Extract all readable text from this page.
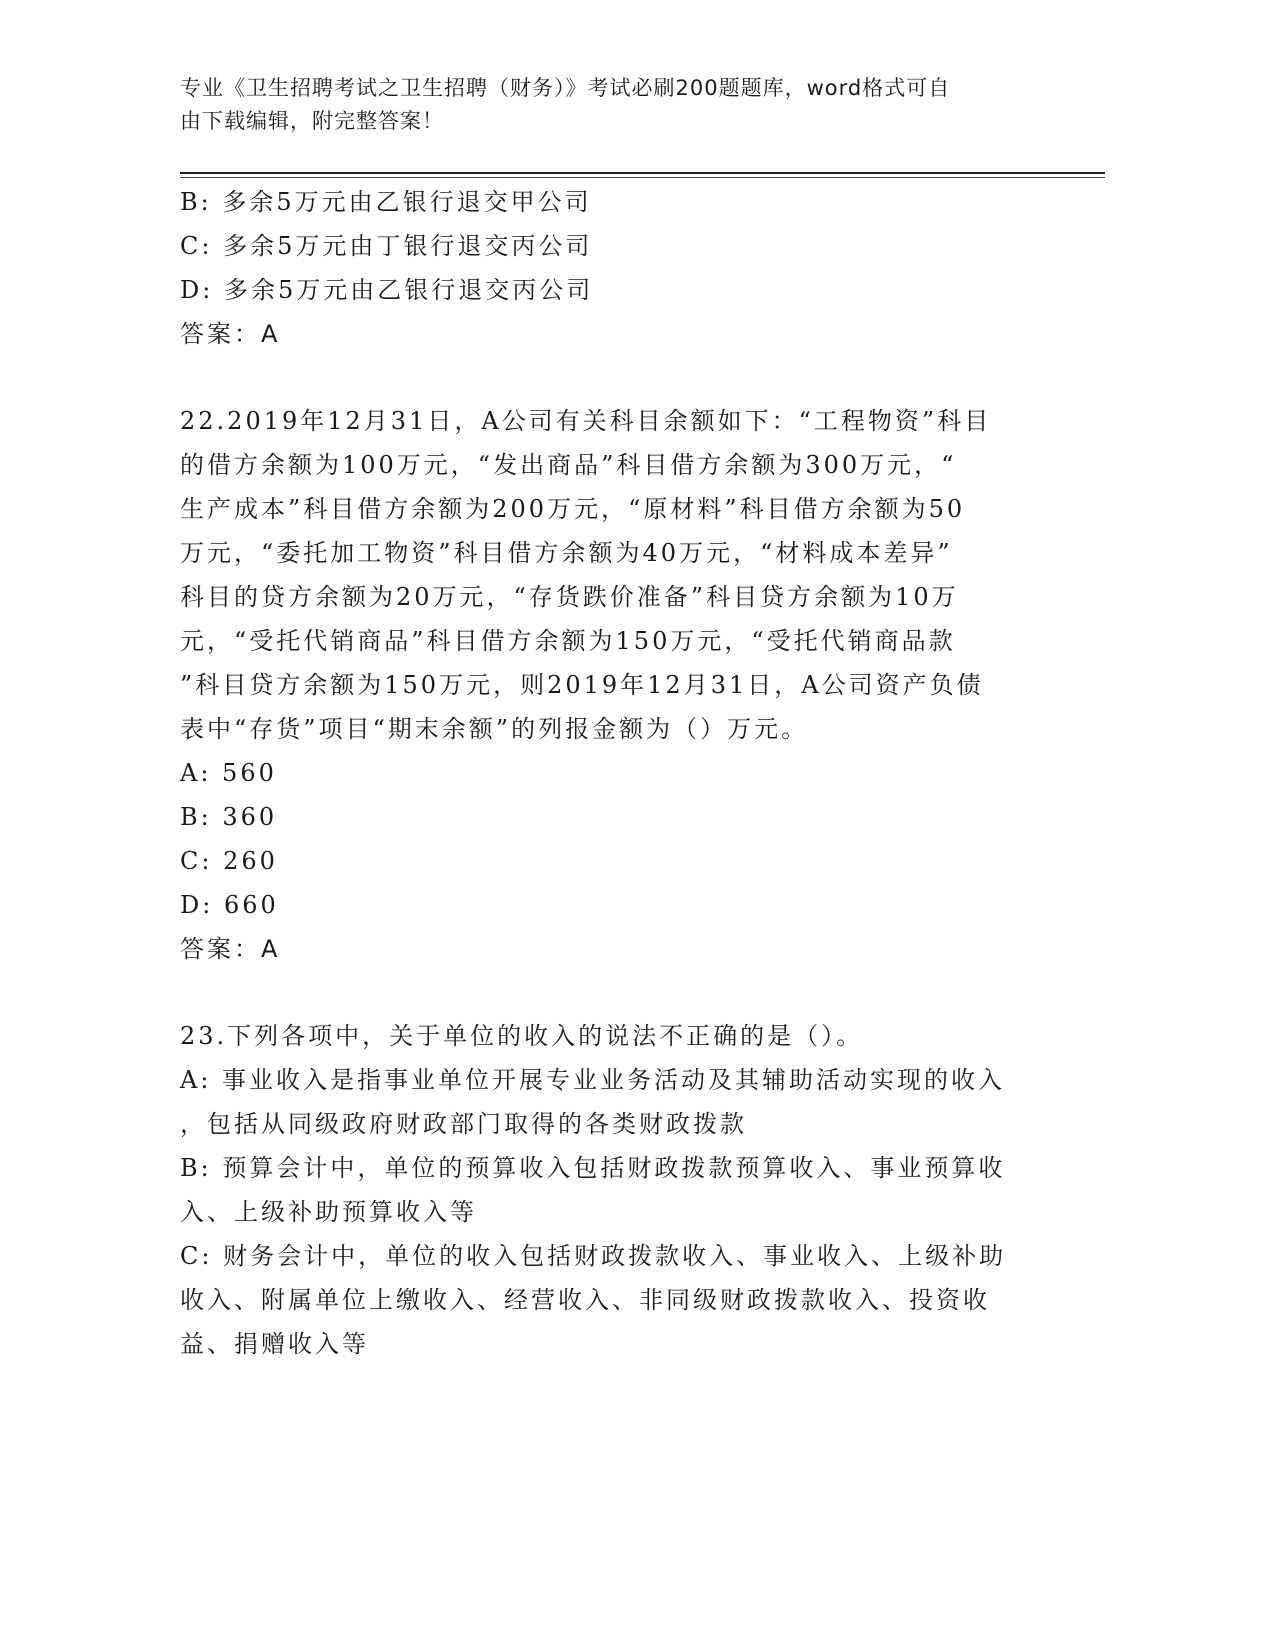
专业《卫生招聘考试之卫生招聘（财务）》考试必刷200题题库，word格式可自
由下载编辑，附完整答案！
B: 多余5万元由乙银行退交甲公司
C: 多余5万元由丁银行退交丙公司
D: 多余5万元由乙银行退交丙公司
答案：A
22.2019年12月31日，A公司有关科目余额如下：“工程物资”科目
的借方余额为100万元，“发出商品”科目借方余额为300万元，“
生产成本”科目借方余额为200万元，“原材料”科目借方余额为50
万元，“委托加工物资”科目借方余额为40万元，“材料成本差异”
科目的贷方余额为20万元，“存货跌价准备”科目贷方余额为10万
元，“受托代销商品”科目借方余额为150万元，“受托代销商品款
”科目贷方余额为150万元，则2019年12月31日，A公司资产负债
表中“存货”项目“期末余额”的列报金额为（）万元。
A: 560
B: 360
C: 260
D: 660
答案：A
23.下列各项中，关于单位的收入的说法不正确的是（）。
A: 事业收入是指事业单位开展专业业务活动及其辅助活动实现的收入
，包括从同级政府财政部门取得的各类财政拨款
B: 预算会计中，单位的预算收入包括财政拨款预算收入、事业预算收
入、上级补助预算收入等
C: 财务会计中，单位的收入包括财政拨款收入、事业收入、上级补助
收入、附属单位上缴收入、经营收入、非同级财政拨款收入、投资收
益、捐赠收入等
